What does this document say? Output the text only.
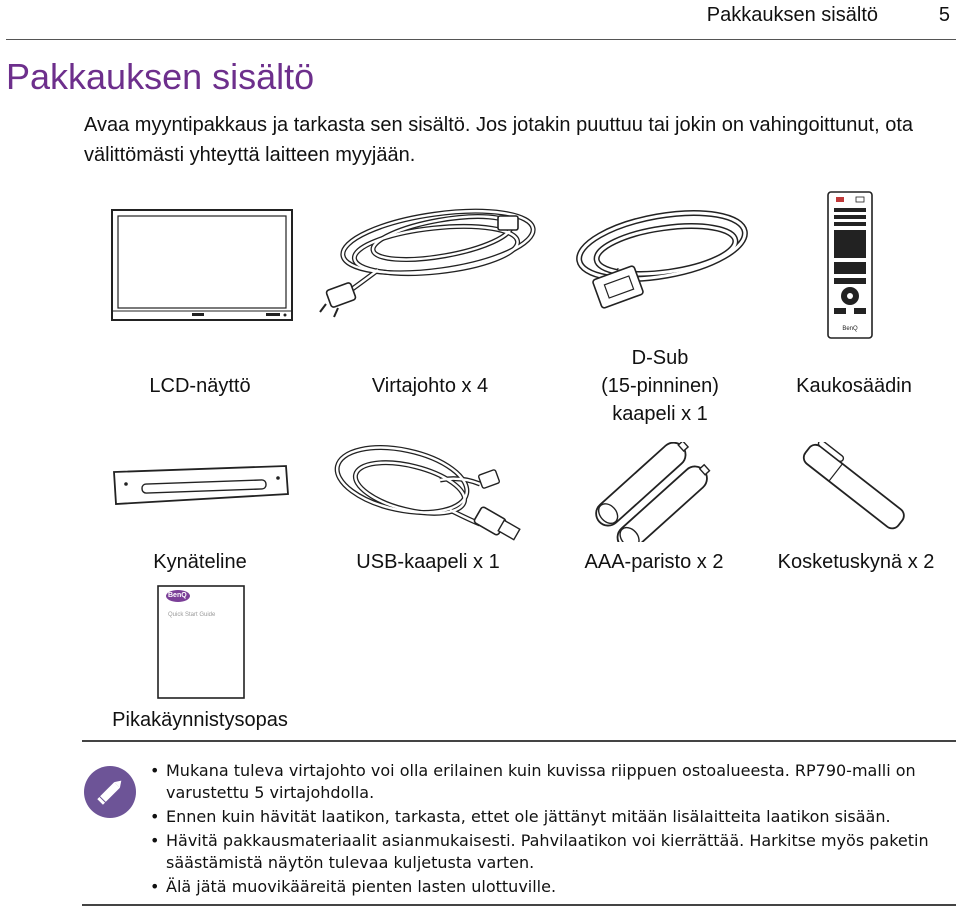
Pakkauksen sisältö	5
Pakkauksen sisältö

Avaa myyntipakkaus ja tarkasta sen sisältö. Jos jotakin puuttuu tai jokin on vahingoittunut, ota välittömästi yhteyttä laitteen myyjään.

LCD-näyttö	Virtajohto x 4
D-Sub
(15-pinninen)
kaapeli x 1
BenQ
Kaukosäädin
Kynäteline	USB-kaapeli x 1	AAA-paristo x 2	Kosketuskynä x 2
BenQ
Quick Start Guide
Pikakäynnistysopas
• Mukana tuleva virtajohto voi olla erilainen kuin kuvissa riippuen ostoalueesta. RP790-malli on varustettu 5 virtajohdolla.
• Ennen kuin hävität laatikon, tarkasta, ettet ole jättänyt mitään lisälaitteita laatikon sisään.
• Hävitä pakkausmateriaalit asianmukaisesti. Pahvilaatikon voi kierrättää. Harkitse myös paketin säästämistä näytön tulevaa kuljetusta varten.
• Älä jätä muovikääreitä pienten lasten ulottuville.
